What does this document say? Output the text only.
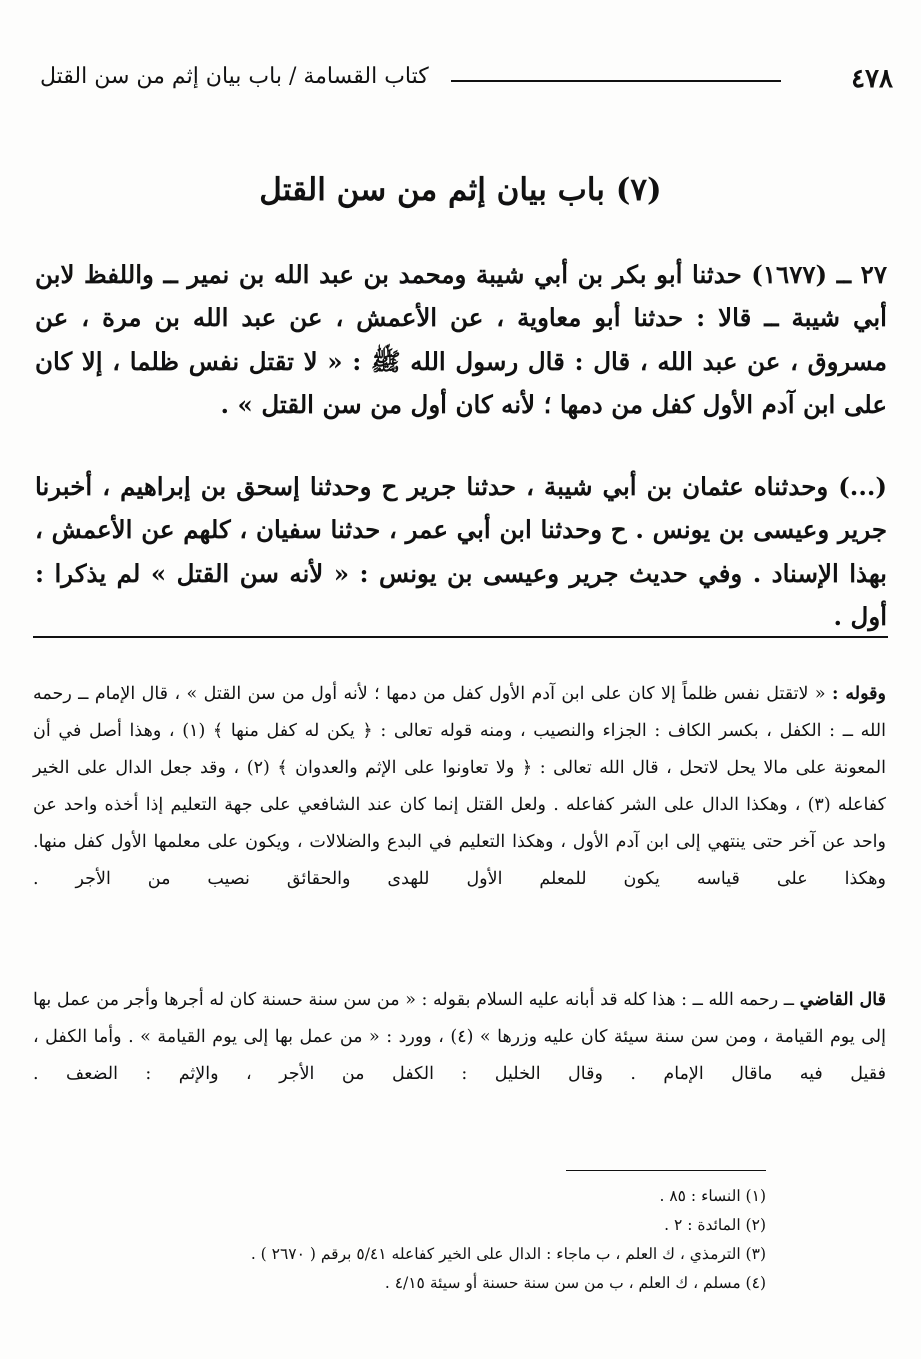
٤٧٨
كتاب القسامة / باب بيان إثم من سن القتل
(٧) باب بيان إثم من سن القتل

٢٧ ــ (١٦٧٧) حدثنا أبو بكر بن أبي شيبة ومحمد بن عبد الله بن نمير ــ واللفظ لابن أبي شيبة ــ قالا : حدثنا أبو معاوية ، عن الأعمش ، عن عبد الله بن مرة ، عن مسروق ، عن عبد الله ، قال : قال رسول الله ﷺ : « لا تقتل نفس ظلما ، إلا كان على ابن آدم الأول كفل من دمها ؛ لأنه كان أول من سن القتل » .

(...) وحدثناه عثمان بن أبي شيبة ، حدثنا جرير ح وحدثنا إسحق بن إبراهيم ، أخبرنا جرير وعيسى بن يونس . ح وحدثنا ابن أبي عمر ، حدثنا سفيان ، كلهم عن الأعمش ، بهذا الإسناد . وفي حديث جرير وعيسى بن يونس : « لأنه سن القتل » لم يذكرا : أول .

وقوله : « لاتقتل نفس ظلماً إلا كان على ابن آدم الأول كفل من دمها ؛ لأنه أول من سن القتل » ، قال الإمام ــ رحمه الله ــ : الكفل ، بكسر الكاف : الجزاء والنصيب ، ومنه قوله تعالى : ﴿ يكن له كفل منها ﴾ (١) ، وهذا أصل في أن المعونة على مالا يحل لاتحل ، قال الله تعالى : ﴿ ولا تعاونوا على الإثم والعدوان ﴾ (٢) ، وقد جعل الدال على الخير كفاعله (٣) ، وهكذا الدال على الشر كفاعله . ولعل القتل إنما كان عند الشافعي على جهة التعليم إذا أخذه واحد عن واحد عن آخر حتى ينتهي إلى ابن آدم الأول ، وهكذا التعليم في البدع والضلالات ، ويكون على معلمها الأول كفل منها. وهكذا على قياسه يكون للمعلم الأول للهدى والحقائق نصيب من الأجر .

قال القاضي ــ رحمه الله ــ : هذا كله قد أبانه عليه السلام بقوله : « من سن سنة حسنة كان له أجرها وأجر من عمل بها إلى يوم القيامة ، ومن سن سنة سيئة كان عليه وزرها » (٤) ، وورد : « من عمل بها إلى يوم القيامة » . وأما الكفل ، فقيل فيه ماقال الإمام . وقال الخليل : الكفل من الأجر ، والإثم : الضعف .

(١) النساء : ٨٥ .
(٢) المائدة : ٢ .
(٣) الترمذي ، ك العلم ، ب ماجاء : الدال على الخير كفاعله ٥/٤١ برقم ( ٢٦٧٠ ) .
(٤) مسلم ، ك العلم ، ب من سن سنة حسنة أو سيئة ٤/١٥ .
